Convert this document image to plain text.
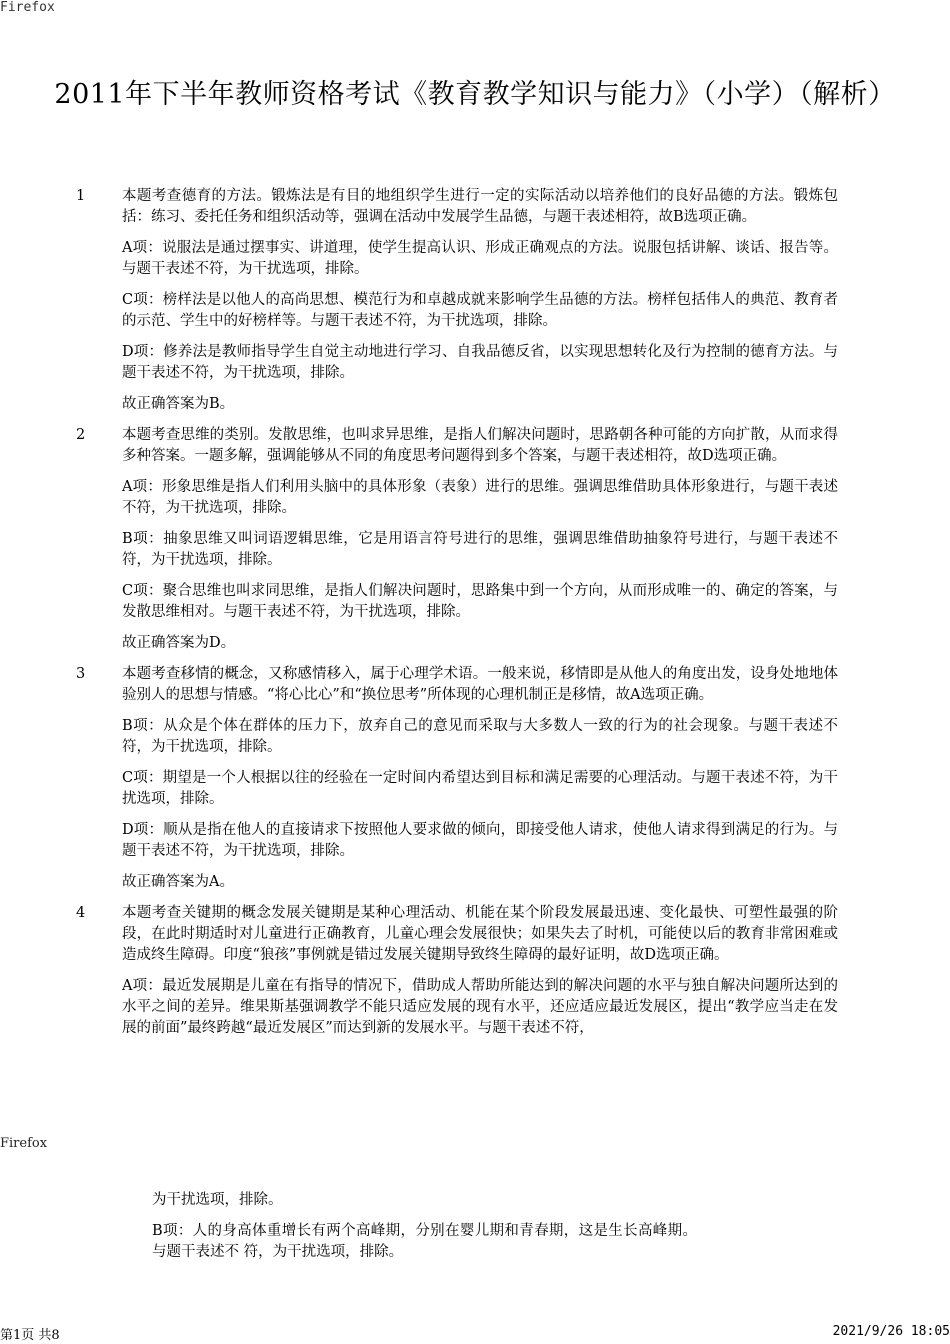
Firefox
2011年下半年教师资格考试《教育教学知识与能力》（小学）（解析）
1	本题考查德育的方法。锻炼法是有目的地组织学生进行一定的实际活动以培养他们的良好品德的方法。锻炼包括：练习、委托任务和组织活动等，强调在活动中发展学生品德，与题干表述相符，故B选项正确。

A项：说服法是通过摆事实、讲道理，使学生提高认识、形成正确观点的方法。说服包括讲解、谈话、报告等。与题干表述不符，为干扰选项，排除。

C项：榜样法是以他人的高尚思想、模范行为和卓越成就来影响学生品德的方法。榜样包括伟人的典范、教育者的示范、学生中的好榜样等。与题干表述不符，为干扰选项，排除。

D项：修养法是教师指导学生自觉主动地进行学习、自我品德反省，以实现思想转化及行为控制的德育方法。与题干表述不符，为干扰选项，排除。

故正确答案为B。

2	本题考查思维的类别。发散思维，也叫求异思维，是指人们解决问题时，思路朝各种可能的方向扩散，从而求得多种答案。一题多解，强调能够从不同的角度思考问题得到多个答案，与题干表述相符，故D选项正确。

A项：形象思维是指人们利用头脑中的具体形象（表象）进行的思维。强调思维借助具体形象进行，与题干表述不符，为干扰选项，排除。

B项：抽象思维又叫词语逻辑思维，它是用语言符号进行的思维，强调思维借助抽象符号进行，与题干表述不符，为干扰选项，排除。

C项：聚合思维也叫求同思维，是指人们解决问题时，思路集中到一个方向，从而形成唯一的、确定的答案，与发散思维相对。与题干表述不符，为干扰选项，排除。

故正确答案为D。

3	本题考查移情的概念，又称感情移入，属于心理学术语。一般来说，移情即是从他人的角度出发，设身处地地体验别人的思想与情感。“将心比心”和“换位思考”所体现的心理机制正是移情，故A选项正确。

B项：从众是个体在群体的压力下，放弃自己的意见而采取与大多数人一致的行为的社会现象。与题干表述不符，为干扰选项，排除。

C项：期望是一个人根据以往的经验在一定时间内希望达到目标和满足需要的心理活动。与题干表述不符，为干扰选项，排除。

D项：顺从是指在他人的直接请求下按照他人要求做的倾向，即接受他人请求，使他人请求得到满足的行为。与题干表述不符，为干扰选项，排除。

故正确答案为A。

4	本题考查关键期的概念发展关键期是某种心理活动、机能在某个阶段发展最迅速、变化最快、可塑性最强的阶段，在此时期适时对儿童进行正确教育，儿童心理会发展很快；如果失去了时机，可能使以后的教育非常困难或造成终生障碍。印度“狼孩”事例就是错过发展关键期导致终生障碍的最好证明，故D选项正确。

A项：最近发展期是儿童在有指导的情况下，借助成人帮助所能达到的解决问题的水平与独自解决问题所达到的水平之间的差异。维果斯基强调教学不能只适应发展的现有水平，还应适应最近发展区，提出“教学应当走在发展的前面”最终跨越“最近发展区”而达到新的发展水平。与题干表述不符，

Firefox

为干扰选项，排除。

B项：人的身高体重增长有两个高峰期，分别在婴儿期和青春期，这是生长高峰期。与题干表述不 符，为干扰选项，排除。

第1页 共8	2021/9/26 18:05
